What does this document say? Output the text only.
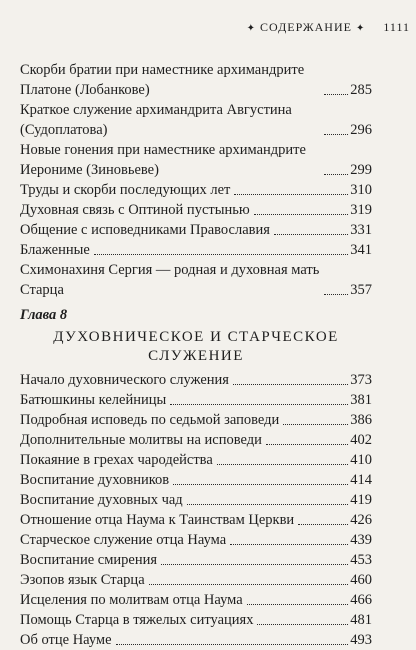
✦ СОДЕРЖАНИЕ ✦ 1111
Скорби братии при наместнике архимандрите Платоне (Лобанкове)	285
Краткое служение архимандрита Августина (Судоплатова)	296
Новые гонения при наместнике архимандрите Иерониме (Зиновьеве)	299
Труды и скорби последующих лет	310
Духовная связь с Оптиной пустынью	319
Общение с исповедниками Православия	331
Блаженные	341
Схимонахиня Сергия — родная и духовная мать Старца	357
Глава 8
ДУХОВНИЧЕСКОЕ И СТАРЧЕСКОЕ
СЛУЖЕНИЕ
Начало духовнического служения	373
Батюшкины келейницы	381
Подробная исповедь по седьмой заповеди	386
Дополнительные молитвы на исповеди	402
Покаяние в грехах чародейства	410
Воспитание духовников	414
Воспитание духовных чад	419
Отношение отца Наума к Таинствам Церкви	426
Старческое служение отца Наума	439
Воспитание смирения	453
Эзопов язык Старца	460
Исцеления по молитвам отца Наума	466
Помощь Старца в тяжелых ситуациях	481
Об отце Науме	493
